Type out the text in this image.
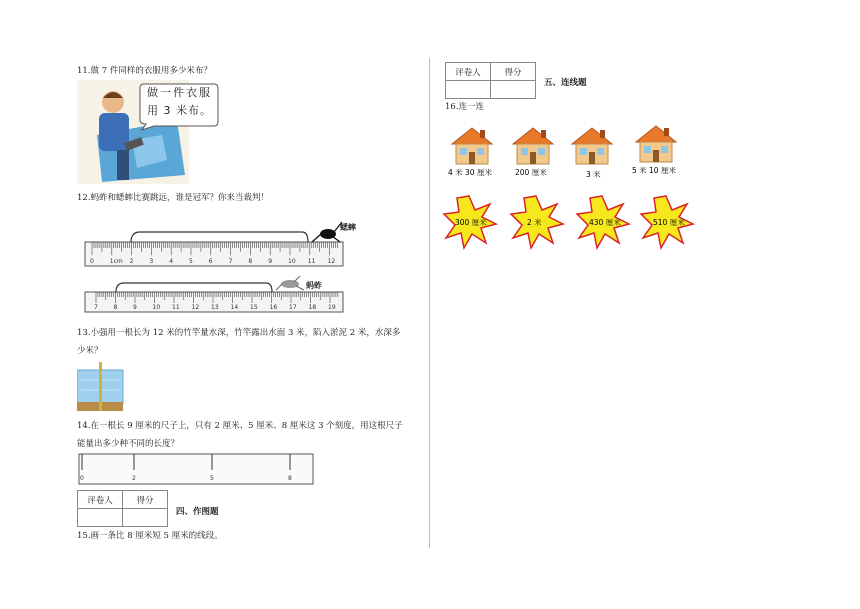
11.做 7 件同样的衣服用多少米布？
做一件衣服
用 3 米布。
12.蚂蚱和蟋蟀比赛跳远，谁是冠军？你来当裁判！
0	1cm 2	3	4	5	6	7	8	9	10 11 12
7	8	9	10 11 12 13 14 15 16 17 18 19
蟋蟀
蚂蚱
13.小强用一根长为 12 米的竹竿量水深，竹竿露出水面 3 米，陷入淤泥 2 米，水深多
少米？
14.在一根长 9 厘米的尺子上，只有 2 厘米、5 厘米、8 厘米这 3 个刻度，用这根尺子
能量出多少种不同的长度？
0	2	5	8
评卷人	得分

四、作图题
15.画一条比 8 厘米短 5 厘米的线段。
评卷人	得分

五、连线题
16.连一连
4 米 30 厘米	200 厘米	3 米	5 米 10 厘米
300 厘米	2 米	430 厘米	510 厘米
